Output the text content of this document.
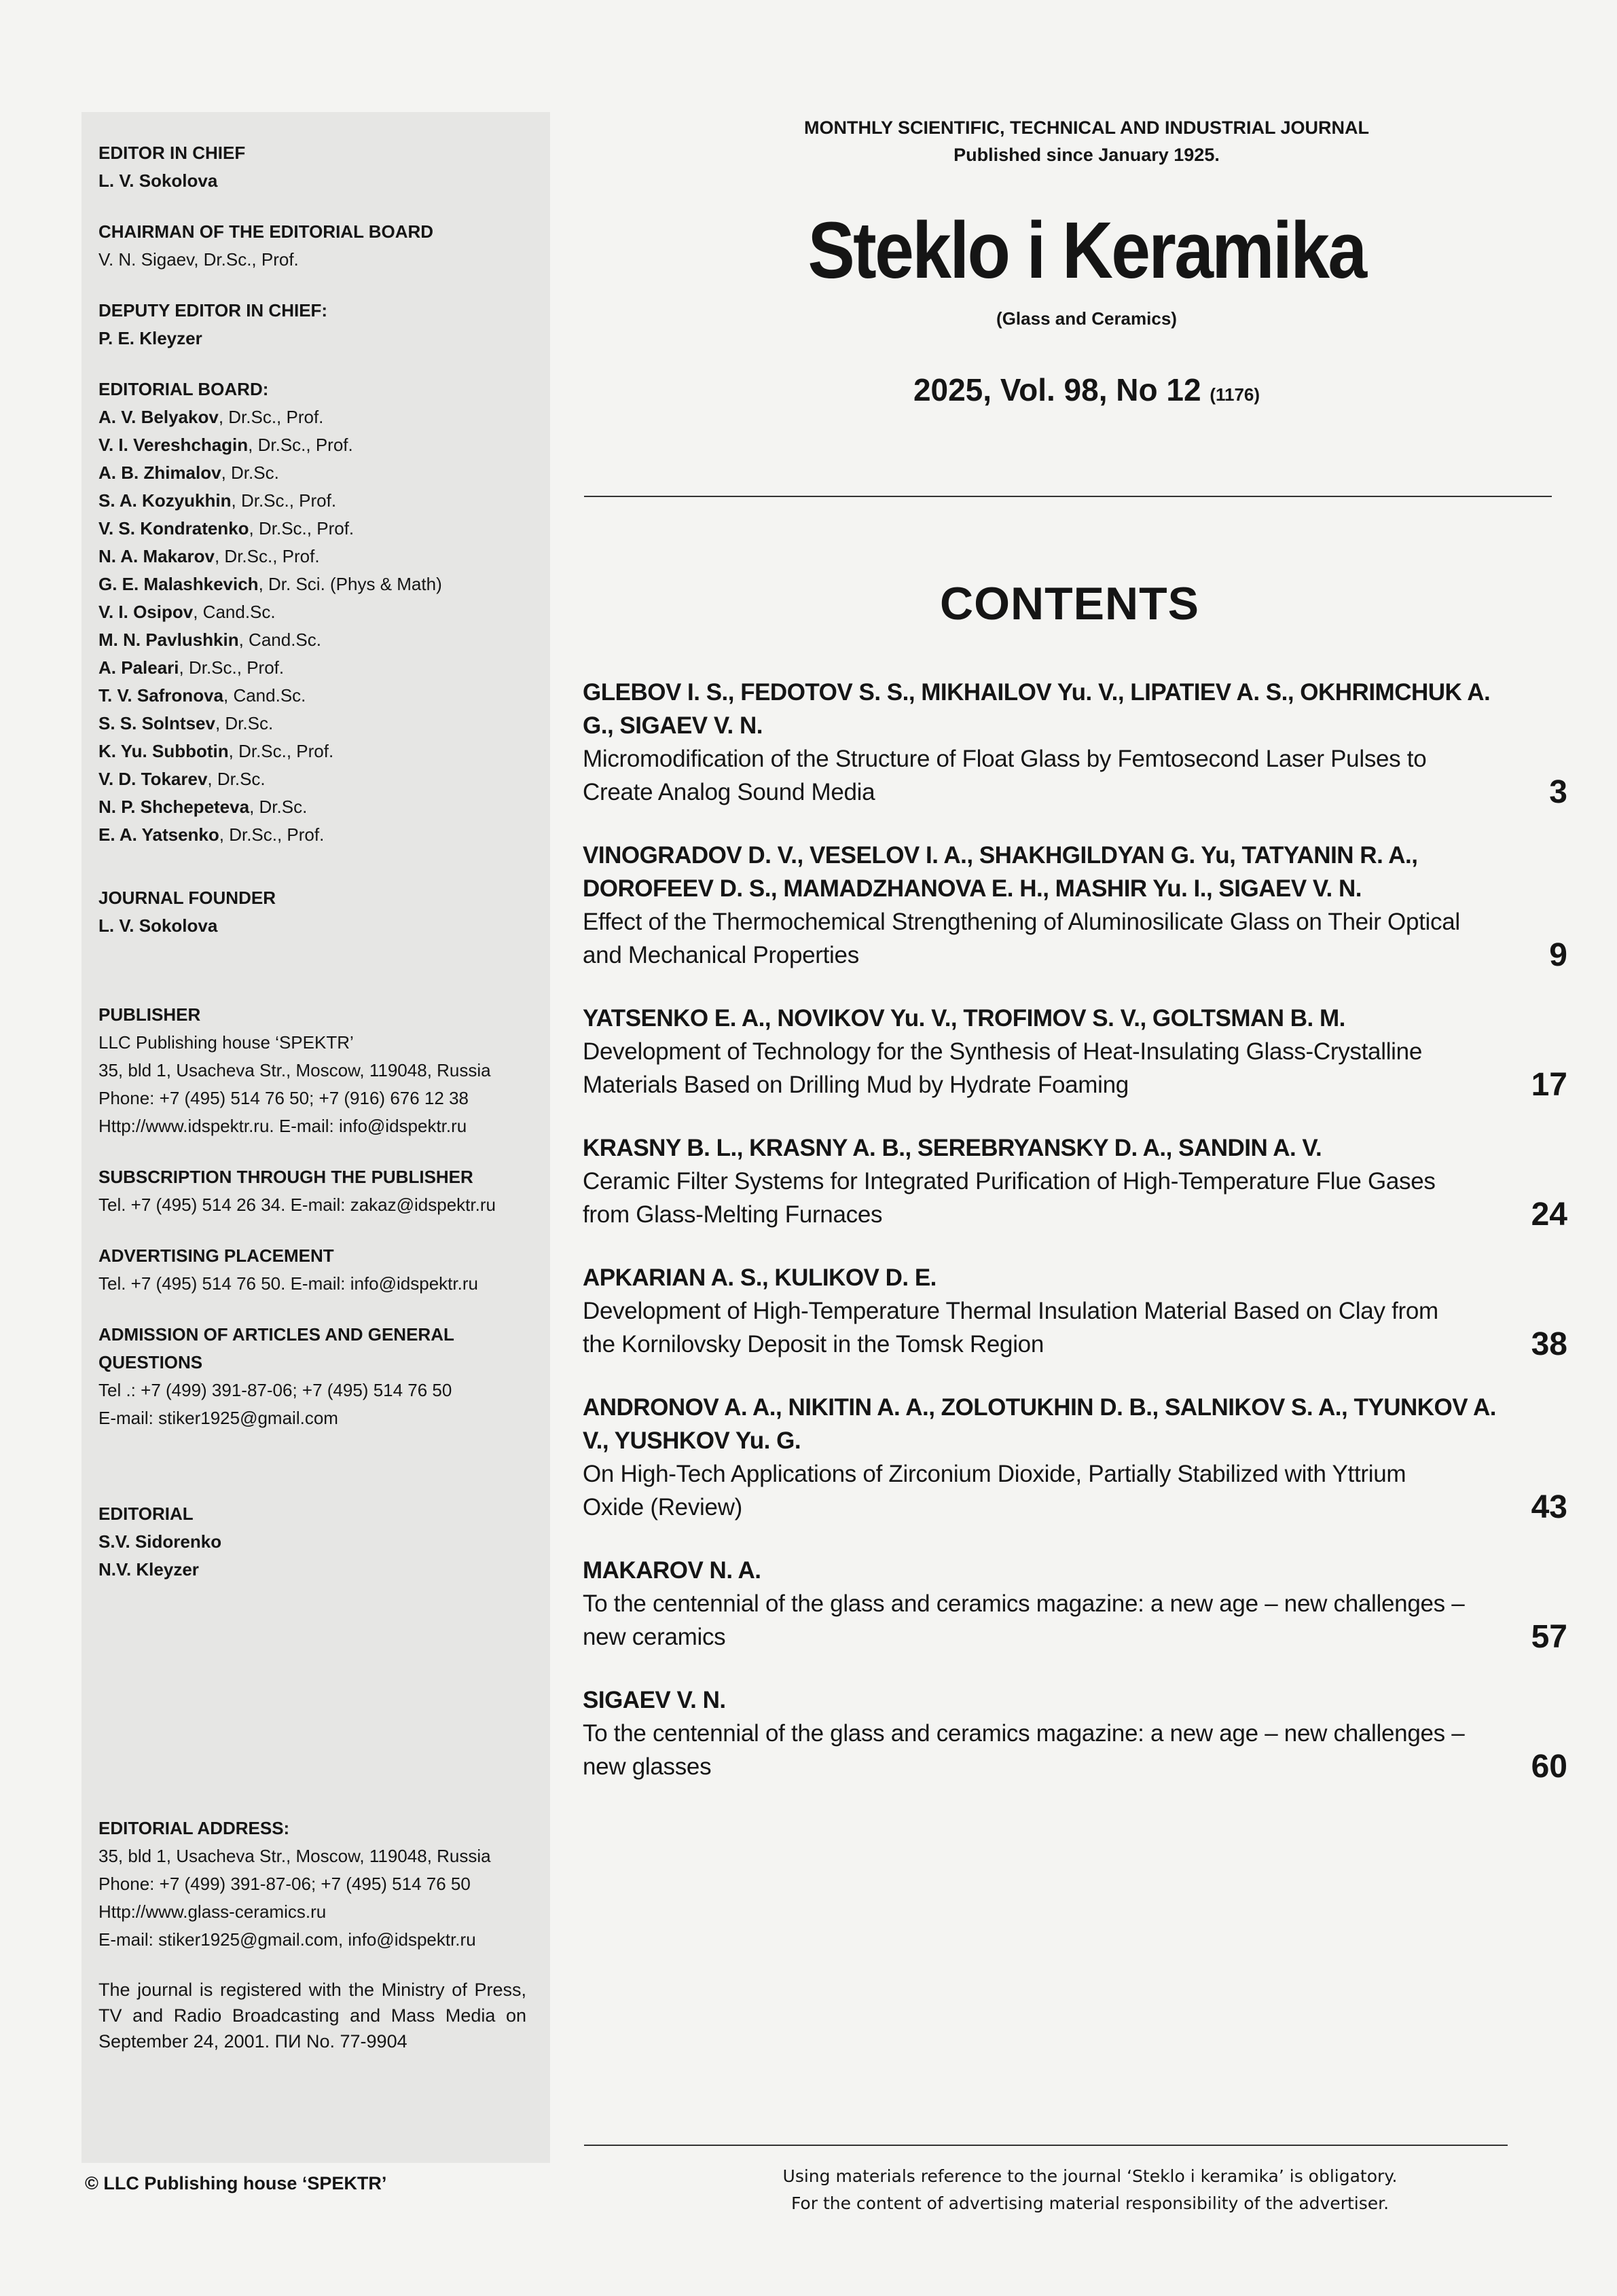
EDITOR IN CHIEF
L. V. Sokolova
CHAIRMAN OF THE EDITORIAL BOARD
V. N. Sigaev, Dr.Sc., Prof.
DEPUTY EDITOR IN CHIEF:
P. E. Kleyzer
EDITORIAL BOARD:
A. V. Belyakov, Dr.Sc., Prof.
V. I. Vereshchagin, Dr.Sc., Prof.
A. B. Zhimalov, Dr.Sc.
S. A. Kozyukhin, Dr.Sc., Prof.
V. S. Kondratenko, Dr.Sc., Prof.
N. A. Makarov, Dr.Sc., Prof.
G. E. Malashkevich, Dr. Sci. (Phys & Math)
V. I. Osipov, Cand.Sc.
M. N. Pavlushkin, Cand.Sc.
A. Paleari, Dr.Sc., Prof.
T. V. Safronova, Cand.Sc.
S. S. Solntsev, Dr.Sc.
K. Yu. Subbotin, Dr.Sc., Prof.
V. D. Tokarev, Dr.Sc.
N. P. Shchepeteva, Dr.Sc.
E. A. Yatsenko, Dr.Sc., Prof.
JOURNAL FOUNDER
L. V. Sokolova
PUBLISHER
LLC Publishing house ‘SPEKTR’
35, bld 1, Usacheva Str., Moscow, 119048, Russia
Phone: +7 (495) 514 76 50; +7 (916) 676 12 38
Http://www.idspektr.ru. E-mail: info@idspektr.ru
SUBSCRIPTION THROUGH THE PUBLISHER
Tel. +7 (495) 514 26 34. E-mail: zakaz@idspektr.ru
ADVERTISING PLACEMENT
Tel. +7 (495) 514 76 50. E-mail: info@idspektr.ru
ADMISSION OF ARTICLES AND GENERAL
QUESTIONS
Tel .: +7 (499) 391-87-06; +7 (495) 514 76 50
E-mail: stiker1925@gmail.com
EDITORIAL
S.V. Sidorenko
N.V. Kleyzer
EDITORIAL ADDRESS:
35, bld 1, Usacheva Str., Moscow, 119048, Russia
Phone: +7 (499) 391-87-06; +7 (495) 514 76 50
Http://www.glass-ceramics.ru
E-mail: stiker1925@gmail.com, info@idspektr.ru
The journal is registered with the Ministry of Press, TV and Radio Broadcasting and Mass Media on September 24, 2001. ПИ No. 77-9904
© LLC Publishing house ‘SPEKTR’
MONTHLY SCIENTIFIC, TECHNICAL AND INDUSTRIAL JOURNAL
Published since January 1925.
Steklo i Keramika
(Glass and Ceramics)
2025, Vol. 98, No 12 (1176)
CONTENTS
GLEBOV I. S., FEDOTOV S. S., MIKHAILOV Yu. V., LIPATIEV A. S., OKHRIMCHUK A. G., SIGAEV V. N.
Micromodification of the Structure of Float Glass by Femtosecond Laser Pulses to Create Analog Sound Media	3
VINOGRADOV D. V., VESELOV I. A., SHAKHGILDYAN G. Yu, TATYANIN R. A., DOROFEEV D. S., MAMADZHANOVA E. H., MASHIR Yu. I., SIGAEV V. N.
Effect of the Thermochemical Strengthening of Aluminosilicate Glass on Their Optical and Mechanical Properties	9
YATSENKO E. A., NOVIKOV Yu. V., TROFIMOV S. V., GOLTSMAN B. M.
Development of Technology for the Synthesis of Heat-Insulating Glass-Crystalline Materials Based on Drilling Mud by Hydrate Foaming	17
KRASNY B. L., KRASNY A. B., SEREBRYANSKY D. A., SANDIN A. V.
Ceramic Filter Systems for Integrated Purification of High-Temperature Flue Gases from Glass-Melting Furnaces	24
APKARIAN A. S., KULIKOV D. E.
Development of High-Temperature Thermal Insulation Material Based on Clay from the Kornilovsky Deposit in the Tomsk Region	38
ANDRONOV A. A., NIKITIN A. A., ZOLOTUKHIN D. B., SALNIKOV S. A., TYUNKOV A. V., YUSHKOV Yu. G.
On High-Tech Applications of Zirconium Dioxide, Partially Stabilized with Yttrium Oxide (Review)	43
MAKAROV N. A.
To the centennial of the glass and ceramics magazine: a new age – new challenges – new ceramics	57
SIGAEV V. N.
To the centennial of the glass and ceramics magazine: a new age – new challenges – new glasses	60
Using materials reference to the journal ‘Steklo i keramika’ is obligatory.
For the content of advertising material responsibility of the advertiser.
